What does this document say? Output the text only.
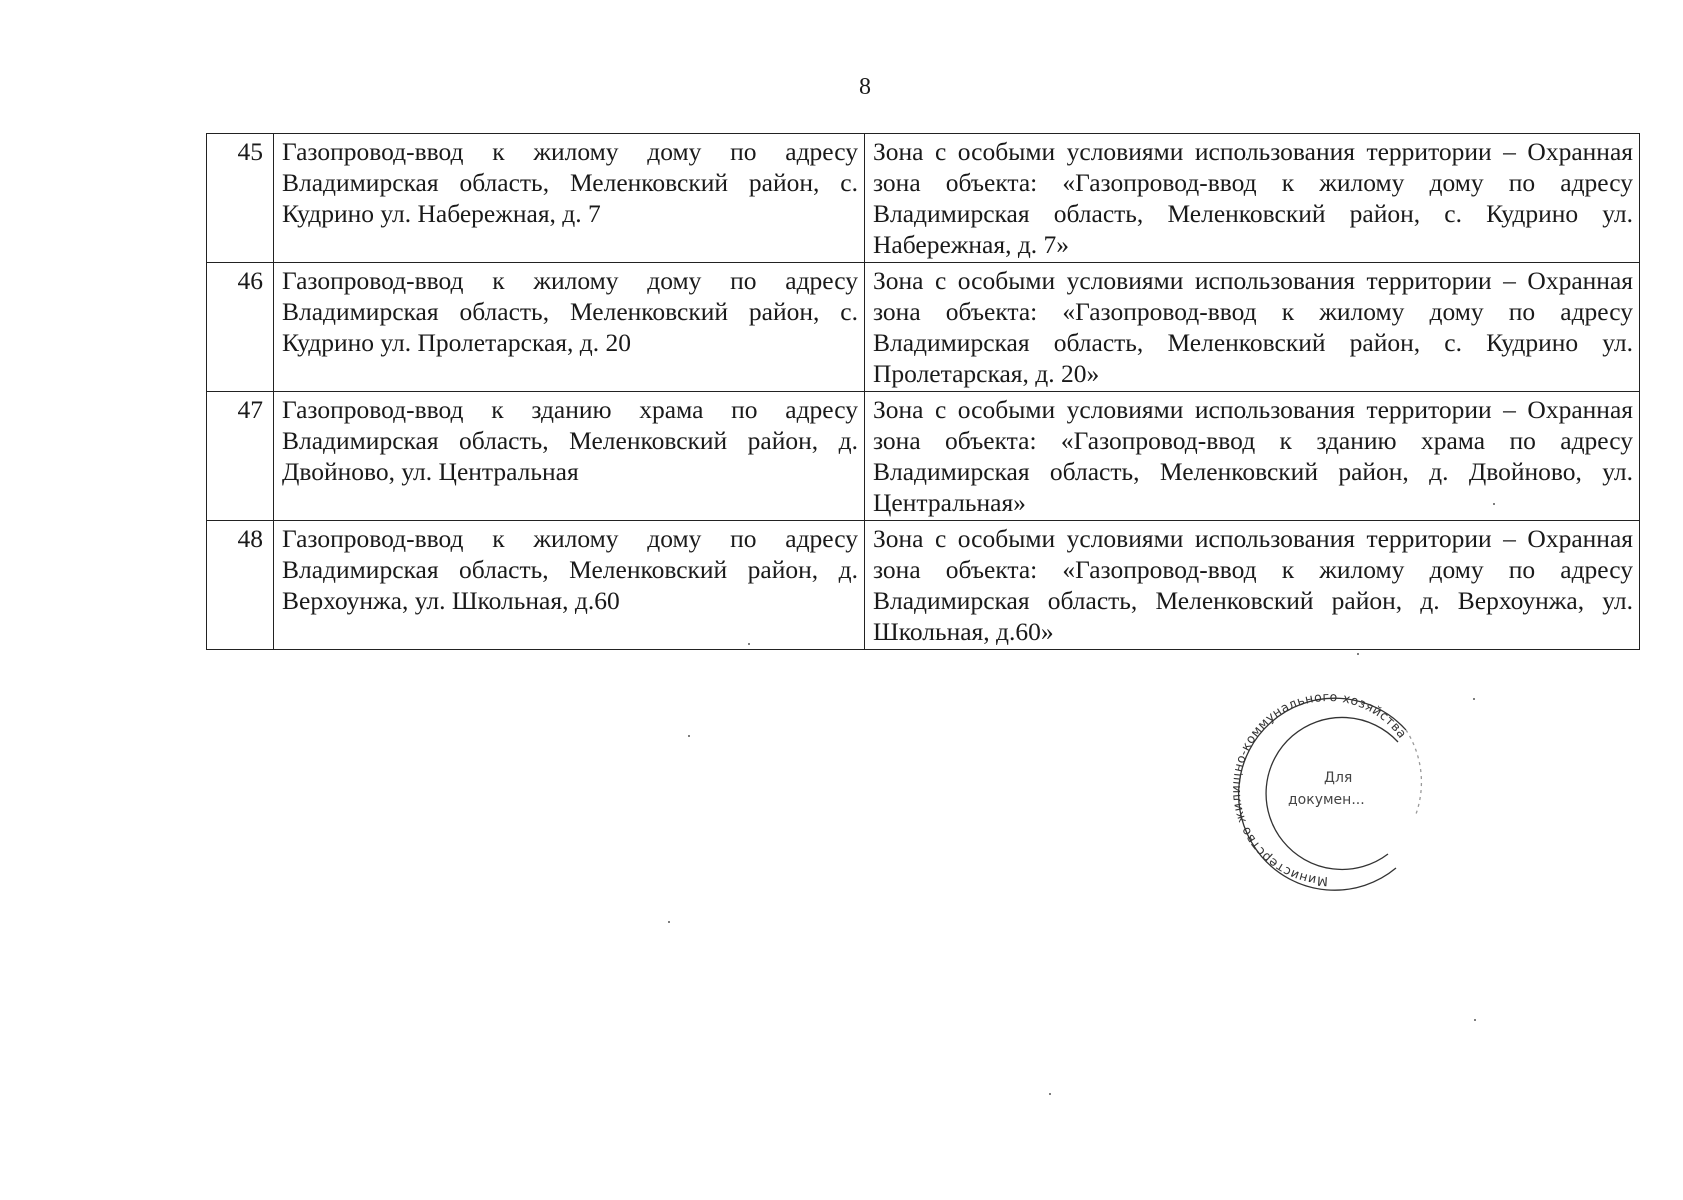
8
45	Газопровод-ввод к жилому дому по адресу Владимирская область, Меленковский район, с. Кудрино ул. Набережная, д. 7	Зона с особыми условиями использования территории – Охранная зона объекта: «Газопровод-ввод к жилому дому по адресу Владимирская область, Меленковский район, с. Кудрино ул. Набережная, д. 7»
46	Газопровод-ввод к жилому дому по адресу Владимирская область, Меленковский район, с. Кудрино ул. Пролетарская, д. 20	Зона с особыми условиями использования территории – Охранная зона объекта: «Газопровод-ввод к жилому дому по адресу Владимирская область, Меленковский район, с. Кудрино ул. Пролетарская, д. 20»
47	Газопровод-ввод к зданию храма по адресу Владимирская область, Меленковский район, д. Двойново, ул. Центральная	Зона с особыми условиями использования территории – Охранная зона объекта: «Газопровод-ввод к зданию храма по адресу Владимирская область, Меленковский район, д. Двойново, ул. Центральная»
48	Газопровод-ввод к жилому дому по адресу Владимирская область, Меленковский район, д. Верхоунжа, ул. Школьная, д.60	Зона с особыми условиями использования территории – Охранная зона объекта: «Газопровод-ввод к жилому дому по адресу Владимирская область, Меленковский район, д. Верхоунжа, ул. Школьная, д.60»
Министерство жилищно-коммунального хозяйства
Для
докумен...
